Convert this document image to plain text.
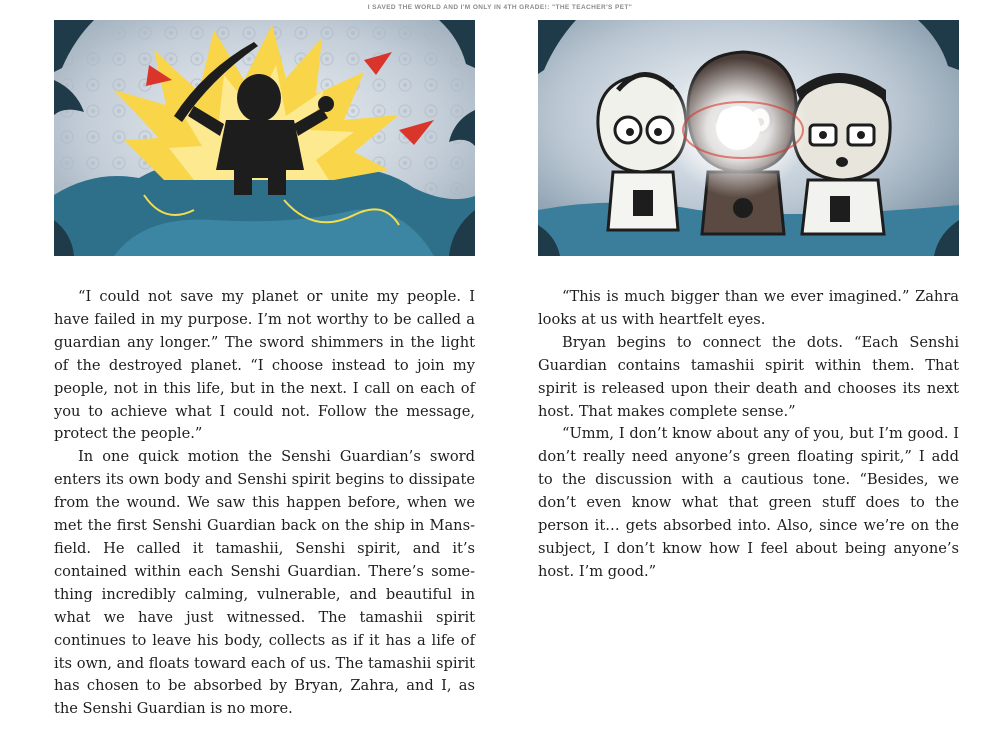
I SAVED THE WORLD AND I'M ONLY IN 4TH GRADE!: "THE TEACHER'S PET"

“I could not save my planet or unite my people. I have failed in my purpose. I’m not worthy to be called a guardian any longer.” The sword shimmers in the light of the destroyed planet. “I choose instead to join my people, not in this life, but in the next. I call on each of you to achieve what I could not. Follow the message, protect the people.”

In one quick motion the Senshi Guardian’s sword enters its own body and Senshi spirit begins to dissipate from the wound. We saw this happen before, when we met the first Senshi Guardian back on the ship in Mansfield. He called it tamashii, Senshi spirit, and it’s contained within each Senshi Guardian. There’s something incredibly calming, vulnerable, and beautiful in what we have just witnessed. The tamashii spirit continues to leave his body, collects as if it has a life of its own, and floats toward each of us. The tamashii spirit has chosen to be absorbed by Bryan, Zahra, and I, as the Senshi Guardian is no more.

“This is much bigger than we ever imagined.” Zahra looks at us with heartfelt eyes.

Bryan begins to connect the dots. “Each Senshi Guardian contains tamashii spirit within them. That spirit is released upon their death and chooses its next host. That makes complete sense.”

“Umm, I don’t know about any of you, but I’m good. I don’t really need anyone’s green floating spirit,” I add to the discussion with a cautious tone. “Besides, we don’t even know what that green stuff does to the person it… gets absorbed into. Also, since we’re on the subject, I don’t know how I feel about being anyone’s host. I’m good.”
